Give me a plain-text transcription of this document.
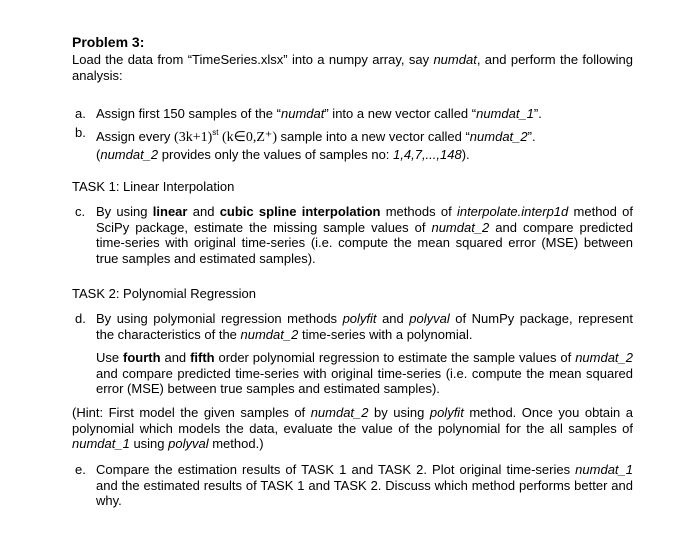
Problem 3:
Load the data from “TimeSeries.xlsx” into a numpy array, say numdat, and perform the following analysis:
a. Assign first 150 samples of the “numdat” into a new vector called “numdat_1”.
b. Assign every $(3k+1)^{st}$ (k∈0,Z⁺) sample into a new vector called “numdat_2”.
(numdat_2 provides only the values of samples no: 1,4,7,...,148).
TASK 1: Linear Interpolation
c. By using linear and cubic spline interpolation methods of interpolate.interp1d method of SciPy package, estimate the missing sample values of numdat_2 and compare predicted time-series with original time-series (i.e. compute the mean squared error (MSE) between true samples and estimated samples).
TASK 2: Polynomial Regression
d. By using polymonial regression methods polyfit and polyval of NumPy package, represent the characteristics of the numdat_2 time-series with a polynomial.
Use fourth and fifth order polynomial regression to estimate the sample values of numdat_2 and compare predicted time-series with original time-series (i.e. compute the mean squared error (MSE) between true samples and estimated samples).
(Hint: First model the given samples of numdat_2 by using polyfit method. Once you obtain a polynomial which models the data, evaluate the value of the polynomial for the all samples of numdat_1 using polyval method.)
e. Compare the estimation results of TASK 1 and TASK 2. Plot original time-series numdat_1 and the estimated results of TASK 1 and TASK 2. Discuss which method performs better and why.
